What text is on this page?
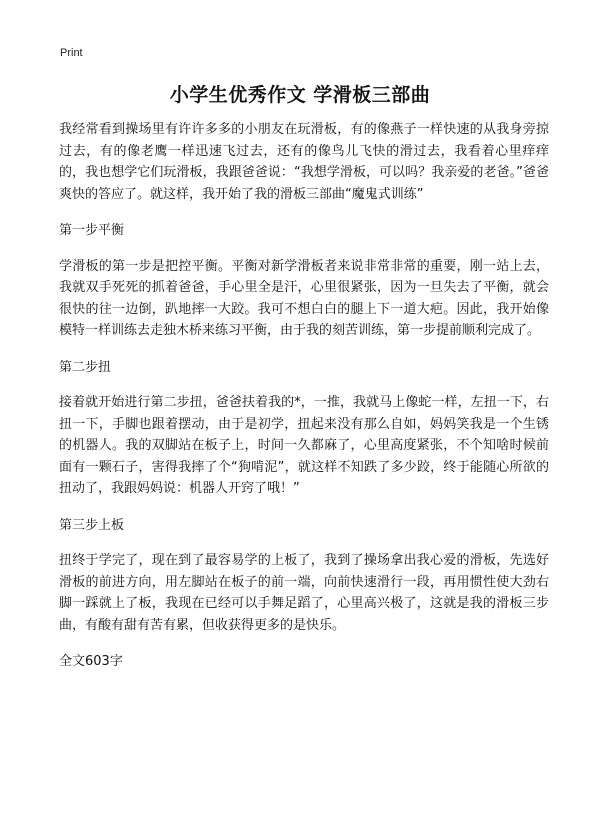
Print
小学生优秀作文 学滑板三部曲

我经常看到操场里有许许多多的小朋友在玩滑板，有的像燕子一样快速的从我身旁掠过去，有的像老鹰一样迅速飞过去，还有的像鸟儿飞快的滑过去，我看着心里痒痒的，我也想学它们玩滑板，我跟爸爸说：“我想学滑板，可以吗？我亲爱的老爸。”爸爸爽快的答应了。就这样，我开始了我的滑板三部曲“魔鬼式训练”

第一步平衡

学滑板的第一步是把控平衡。平衡对新学滑板者来说非常非常的重要，刚一站上去，我就双手死死的抓着爸爸，手心里全是汗，心里很紧张，因为一旦失去了平衡，就会很快的往一边倒，趴地摔一大跤。我可不想白白的腿上下一道大疤。因此，我开始像模特一样训练去走独木桥来练习平衡，由于我的刻苦训练，第一步提前顺利完成了。

第二步扭

接着就开始进行第二步扭，爸爸扶着我的*，一推，我就马上像蛇一样，左扭一下，右扭一下，手脚也跟着摆动，由于是初学，扭起来没有那么自如，妈妈笑我是一个生锈的机器人。我的双脚站在板子上，时间一久都麻了，心里高度紧张，不个知啥时候前面有一颗石子，害得我摔了个“狗啃泥”，就这样不知跌了多少跤，终于能随心所欲的扭动了，我跟妈妈说：机器人开窍了哦！”

第三步上板

扭终于学完了，现在到了最容易学的上板了，我到了操场拿出我心爱的滑板，先选好滑板的前进方向，用左脚站在板子的前一端，向前快速滑行一段，再用惯性使大劲右脚一踩就上了板，我现在已经可以手舞足蹈了，心里高兴极了，这就是我的滑板三步曲，有酸有甜有苦有累，但收获得更多的是快乐。

全文603字
